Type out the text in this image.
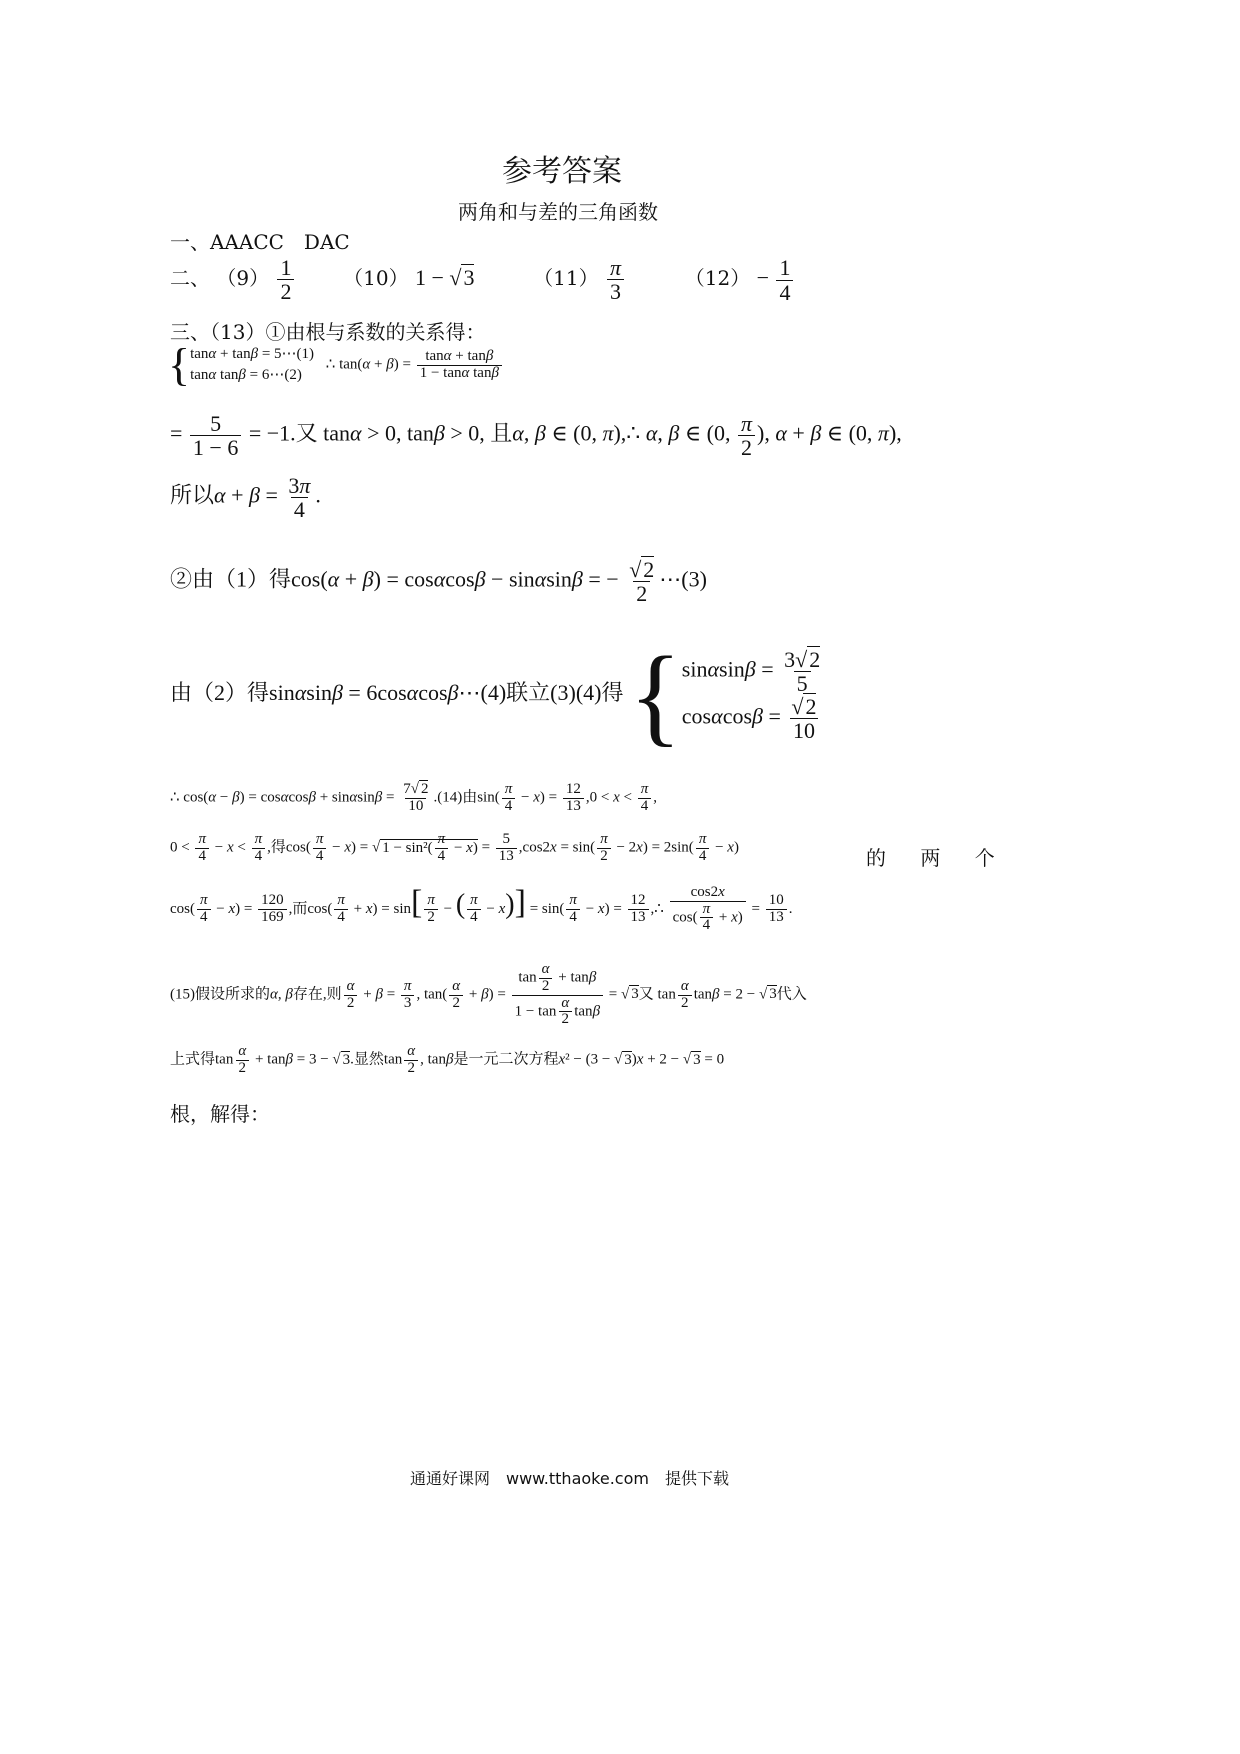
参考答案
两角和与差的三角函数
一、AAACC　DAC
二、 $(9) \frac{1}{2} (10) 1 - √3$	$(11) \frac{\pi}{3}$	$(12) - \frac{1}{4}$
三、（13）①由根与系数的关系得：
{ tanα + tanβ = 5⋯(1)
tanα tanβ = 6⋯(2)
∴ $\tan(\alpha + \beta) = \frac{\tan\alpha + \tan\beta}{\text{1 − tanα tanβ}}$
= $\frac{5}{1 - 6} = -1$.又 tanα > 0, tanβ > 0, 且α, β ∈ (0, π),∴ α, β ∈ (0, $\frac{\pi}{2}$ ), α + β ∈ (0, π),
所以$\alpha + \beta = \frac{3\pi}{4}$ .
②由（1）得cos(α + β) = cosαcosβ − sinαsinβ = − $\frac{√2}{2}$ ⋯(3)
由（2）得sinαsinβ = 6cosαcosβ⋯(4)联立(3)(4)得 { $\sin\alpha\sin\beta = \frac{3√2}{5}$
$\cos\alpha\cos\beta = \frac{√2}{10}$
∴ $\cos(\alpha - \beta) = \cos\alpha\cos\beta + \sin\alpha\sin\beta = \frac{7√ 2}{10} .(14)$由$\sin( \frac{\pi}{4} - x) = \frac{12}{13} ,0 < x < \frac{\pi}{4}$ ,
$0 < \frac{\pi}{4} - x < \frac{\pi}{4}$ ,得$\cos( \frac{\pi}{4} - x)$ = √ $1 - \sin^2( \frac{\pi}{4} - x) = \frac{5}{13} ,\cos 2x = \sin( \frac{\pi}{2} - 2x) = 2\sin( \frac{\pi}{4} - x)$	的 两 个
$\cos( \frac{\pi}{4} - x) = \frac{120}{169}$ ,而$\cos( \frac{\pi}{4} + x) = \sin[ \frac{\pi}{2}$ − ( $\frac{\pi}{4} - x)] = \sin( \frac{\pi}{4} - x) = \frac{12}{13}$ ,∴ $\frac{\cos 2x}{\cos( \frac{\pi}{4} + x)} = \frac{10}{13}$ .
(15)假设所求的α, β存在,则 $\frac{\alpha}{2} + \beta = \frac{\pi}{3}$ , $\tan( \frac{\alpha}{2} + \beta) = \frac{\tan \frac{\alpha}{2} + \tan\beta}{1 - \tan \frac{\alpha}{2} \tan\beta}$ = √ 3又 $\tan \frac{\alpha}{2}$ tanβ = 2 − √ 3代入
上式得$\tan \frac{\alpha}{2} + \tan\beta = 3$ − √ 3.显然$\tan \frac{\alpha}{2}$ , tanβ是一元二次方程x² − (3 − √ 3)x + 2 − √ 3 = 0
根，解得：
通通好课网　www.tthaoke.com　提供下载
